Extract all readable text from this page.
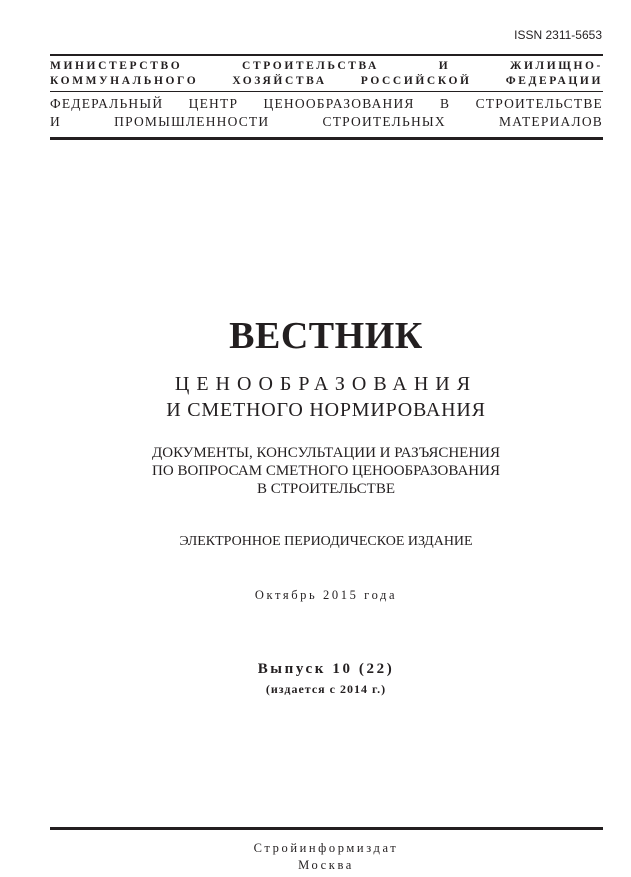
ISSN 2311-5653
МИНИСТЕРСТВО СТРОИТЕЛЬСТВА И ЖИЛИЩНО-
КОММУНАЛЬНОГО ХОЗЯЙСТВА РОССИЙСКОЙ ФЕДЕРАЦИИ
ФЕДЕРАЛЬНЫЙ ЦЕНТР ЦЕНООБРАЗОВАНИЯ В СТРОИТЕЛЬСТВЕ
И ПРОМЫШЛЕННОСТИ СТРОИТЕЛЬНЫХ МАТЕРИАЛОВ
ВЕСТНИК
ЦЕНООБРАЗОВАНИЯ
И СМЕТНОГО НОРМИРОВАНИЯ
ДОКУМЕНТЫ, КОНСУЛЬТАЦИИ И РАЗЪЯСНЕНИЯ
ПО ВОПРОСАМ СМЕТНОГО ЦЕНООБРАЗОВАНИЯ
В СТРОИТЕЛЬСТВЕ
ЭЛЕКТРОННОЕ ПЕРИОДИЧЕСКОЕ ИЗДАНИЕ
Октябрь 2015 года
Выпуск 10 (22)
(издается с 2014 г.)
Стройинформиздат
Москва
